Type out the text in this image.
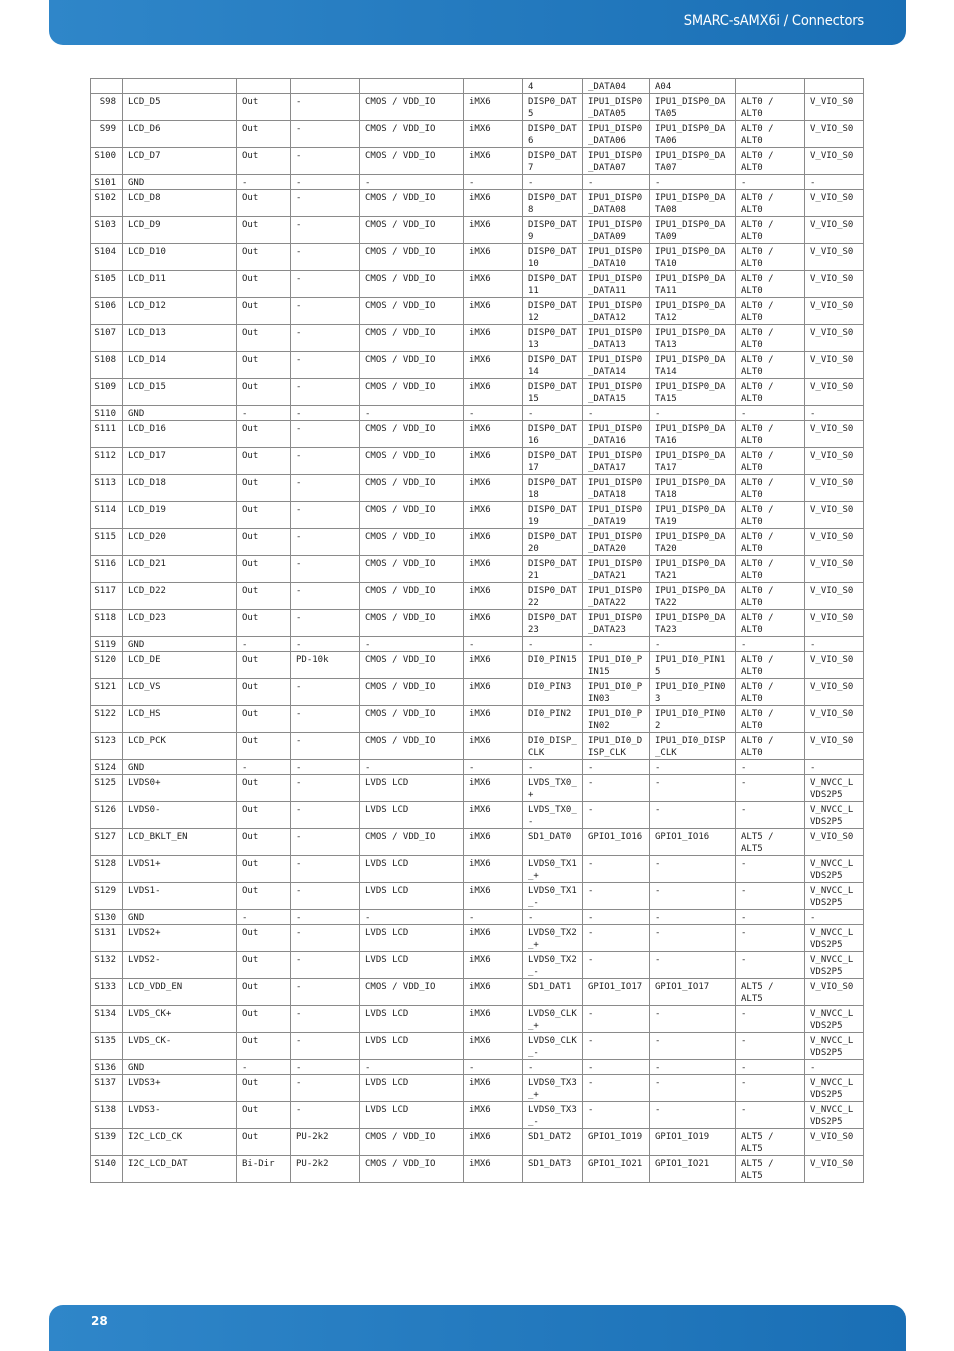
SMARC-sAMX6i / Connectors
						4	_DATA04	A04		
S98	LCD_D5	Out	-	CMOS / VDD_IO	iMX6	DISP0_DAT5	IPU1_DISP0_DATA05	IPU1_DISP0_DATA05	ALT0 / ALT0	V_VIO_S0
S99	LCD_D6	Out	-	CMOS / VDD_IO	iMX6	DISP0_DAT6	IPU1_DISP0_DATA06	IPU1_DISP0_DATA06	ALT0 / ALT0	V_VIO_S0
S100	LCD_D7	Out	-	CMOS / VDD_IO	iMX6	DISP0_DAT7	IPU1_DISP0_DATA07	IPU1_DISP0_DATA07	ALT0 / ALT0	V_VIO_S0
S101	GND	-	-	-	-	-	-	-	-	-
S102	LCD_D8	Out	-	CMOS / VDD_IO	iMX6	DISP0_DAT8	IPU1_DISP0_DATA08	IPU1_DISP0_DATA08	ALT0 / ALT0	V_VIO_S0
S103	LCD_D9	Out	-	CMOS / VDD_IO	iMX6	DISP0_DAT9	IPU1_DISP0_DATA09	IPU1_DISP0_DATA09	ALT0 / ALT0	V_VIO_S0
S104	LCD_D10	Out	-	CMOS / VDD_IO	iMX6	DISP0_DAT10	IPU1_DISP0_DATA10	IPU1_DISP0_DATA10	ALT0 / ALT0	V_VIO_S0
S105	LCD_D11	Out	-	CMOS / VDD_IO	iMX6	DISP0_DAT11	IPU1_DISP0_DATA11	IPU1_DISP0_DATA11	ALT0 / ALT0	V_VIO_S0
S106	LCD_D12	Out	-	CMOS / VDD_IO	iMX6	DISP0_DAT12	IPU1_DISP0_DATA12	IPU1_DISP0_DATA12	ALT0 / ALT0	V_VIO_S0
S107	LCD_D13	Out	-	CMOS / VDD_IO	iMX6	DISP0_DAT13	IPU1_DISP0_DATA13	IPU1_DISP0_DATA13	ALT0 / ALT0	V_VIO_S0
S108	LCD_D14	Out	-	CMOS / VDD_IO	iMX6	DISP0_DAT14	IPU1_DISP0_DATA14	IPU1_DISP0_DATA14	ALT0 / ALT0	V_VIO_S0
S109	LCD_D15	Out	-	CMOS / VDD_IO	iMX6	DISP0_DAT15	IPU1_DISP0_DATA15	IPU1_DISP0_DATA15	ALT0 / ALT0	V_VIO_S0
S110	GND	-	-	-	-	-	-	-	-	-
S111	LCD_D16	Out	-	CMOS / VDD_IO	iMX6	DISP0_DAT16	IPU1_DISP0_DATA16	IPU1_DISP0_DATA16	ALT0 / ALT0	V_VIO_S0
S112	LCD_D17	Out	-	CMOS / VDD_IO	iMX6	DISP0_DAT17	IPU1_DISP0_DATA17	IPU1_DISP0_DATA17	ALT0 / ALT0	V_VIO_S0
S113	LCD_D18	Out	-	CMOS / VDD_IO	iMX6	DISP0_DAT18	IPU1_DISP0_DATA18	IPU1_DISP0_DATA18	ALT0 / ALT0	V_VIO_S0
S114	LCD_D19	Out	-	CMOS / VDD_IO	iMX6	DISP0_DAT19	IPU1_DISP0_DATA19	IPU1_DISP0_DATA19	ALT0 / ALT0	V_VIO_S0
S115	LCD_D20	Out	-	CMOS / VDD_IO	iMX6	DISP0_DAT20	IPU1_DISP0_DATA20	IPU1_DISP0_DATA20	ALT0 / ALT0	V_VIO_S0
S116	LCD_D21	Out	-	CMOS / VDD_IO	iMX6	DISP0_DAT21	IPU1_DISP0_DATA21	IPU1_DISP0_DATA21	ALT0 / ALT0	V_VIO_S0
S117	LCD_D22	Out	-	CMOS / VDD_IO	iMX6	DISP0_DAT22	IPU1_DISP0_DATA22	IPU1_DISP0_DATA22	ALT0 / ALT0	V_VIO_S0
S118	LCD_D23	Out	-	CMOS / VDD_IO	iMX6	DISP0_DAT23	IPU1_DISP0_DATA23	IPU1_DISP0_DATA23	ALT0 / ALT0	V_VIO_S0
S119	GND	-	-	-	-	-	-	-	-	-
S120	LCD_DE	Out	PD-10k	CMOS / VDD_IO	iMX6	DI0_PIN15	IPU1_DI0_PIN15	IPU1_DI0_PIN15	ALT0 / ALT0	V_VIO_S0
S121	LCD_VS	Out	-	CMOS / VDD_IO	iMX6	DI0_PIN3	IPU1_DI0_PIN03	IPU1_DI0_PIN03	ALT0 / ALT0	V_VIO_S0
S122	LCD_HS	Out	-	CMOS / VDD_IO	iMX6	DI0_PIN2	IPU1_DI0_PIN02	IPU1_DI0_PIN02	ALT0 / ALT0	V_VIO_S0
S123	LCD_PCK	Out	-	CMOS / VDD_IO	iMX6	DI0_DISP_CLK	IPU1_DI0_DISP_CLK	IPU1_DI0_DISP_CLK	ALT0 / ALT0	V_VIO_S0
S124	GND	-	-	-	-	-	-	-	-	-
S125	LVDS0+	Out	-	LVDS LCD	iMX6	LVDS_TX0_+	-	-	-	V_NVCC_LVDS2P5
S126	LVDS0-	Out	-	LVDS LCD	iMX6	LVDS_TX0_-	-	-	-	V_NVCC_LVDS2P5
S127	LCD_BKLT_EN	Out	-	CMOS / VDD_IO	iMX6	SD1_DAT0	GPIO1_IO16	GPIO1_IO16	ALT5 / ALT5	V_VIO_S0
S128	LVDS1+	Out	-	LVDS LCD	iMX6	LVDS0_TX1_+	-	-	-	V_NVCC_LVDS2P5
S129	LVDS1-	Out	-	LVDS LCD	iMX6	LVDS0_TX1_-	-	-	-	V_NVCC_LVDS2P5
S130	GND	-	-	-	-	-	-	-	-	-
S131	LVDS2+	Out	-	LVDS LCD	iMX6	LVDS0_TX2_+	-	-	-	V_NVCC_LVDS2P5
S132	LVDS2-	Out	-	LVDS LCD	iMX6	LVDS0_TX2_-	-	-	-	V_NVCC_LVDS2P5
S133	LCD_VDD_EN	Out	-	CMOS / VDD_IO	iMX6	SD1_DAT1	GPIO1_IO17	GPIO1_IO17	ALT5 / ALT5	V_VIO_S0
S134	LVDS_CK+	Out	-	LVDS LCD	iMX6	LVDS0_CLK_+	-	-	-	V_NVCC_LVDS2P5
S135	LVDS_CK-	Out	-	LVDS LCD	iMX6	LVDS0_CLK_-	-	-	-	V_NVCC_LVDS2P5
S136	GND	-	-	-	-	-	-	-	-	-
S137	LVDS3+	Out	-	LVDS LCD	iMX6	LVDS0_TX3_+	-	-	-	V_NVCC_LVDS2P5
S138	LVDS3-	Out	-	LVDS LCD	iMX6	LVDS0_TX3_-	-	-	-	V_NVCC_LVDS2P5
S139	I2C_LCD_CK	Out	PU-2k2	CMOS / VDD_IO	iMX6	SD1_DAT2	GPIO1_IO19	GPIO1_IO19	ALT5 / ALT5	V_VIO_S0
S140	I2C_LCD_DAT	Bi-Dir	PU-2k2	CMOS / VDD_IO	iMX6	SD1_DAT3	GPIO1_IO21	GPIO1_IO21	ALT5 / ALT5	V_VIO_S0
28
